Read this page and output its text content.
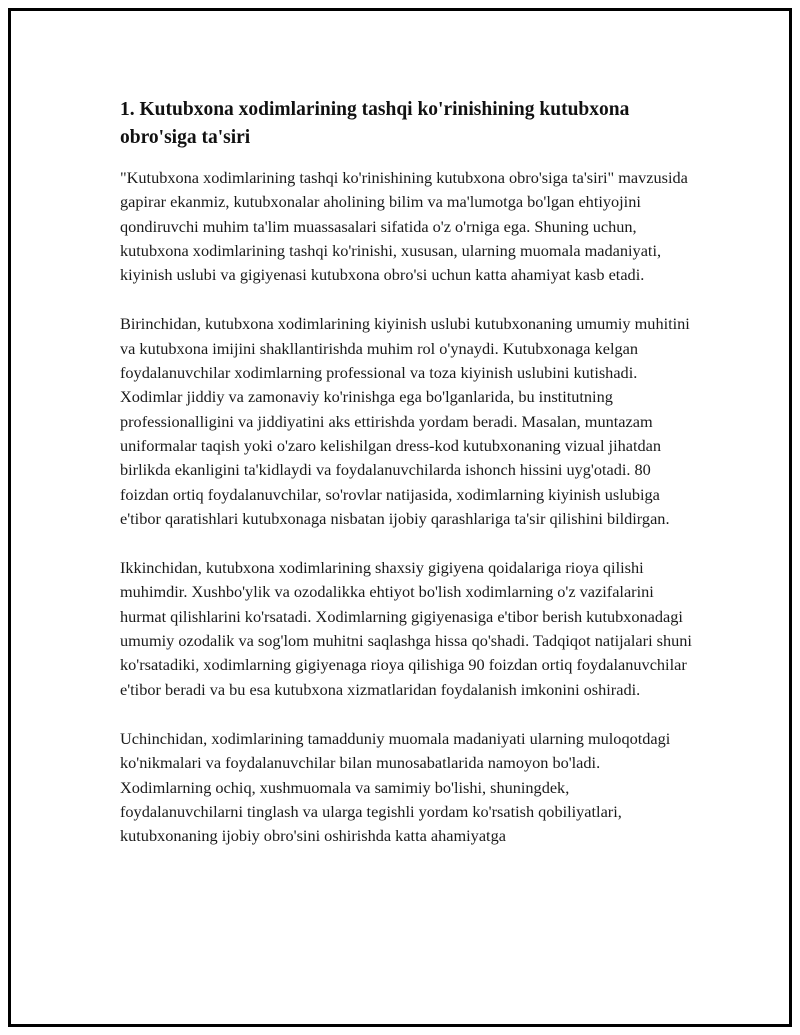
1. Kutubxona xodimlarining tashqi ko'rinishining kutubxona obro'siga ta'siri

"Kutubxona xodimlarining tashqi ko'rinishining kutubxona obro'siga ta'siri" mavzusida gapirar ekanmiz, kutubxonalar aholining bilim va ma'lumotga bo'lgan ehtiyojini qondiruvchi muhim ta'lim muassasalari sifatida o'z o'rniga ega. Shuning uchun, kutubxona xodimlarining tashqi ko'rinishi, xususan, ularning muomala madaniyati, kiyinish uslubi va gigiyenasi kutubxona obro'si uchun katta ahamiyat kasb etadi.

Birinchidan, kutubxona xodimlarining kiyinish uslubi kutubxonaning umumiy muhitini va kutubxona imijini shakllantirishda muhim rol o'ynaydi. Kutubxonaga kelgan foydalanuvchilar xodimlarning professional va toza kiyinish uslubini kutishadi. Xodimlar jiddiy va zamonaviy ko'rinishga ega bo'lganlarida, bu institutning professionalligini va jiddiyatini aks ettirishda yordam beradi. Masalan, muntazam uniformalar taqish yoki o'zaro kelishilgan dress-kod kutubxonaning vizual jihatdan birlikda ekanligini ta'kidlaydi va foydalanuvchilarda ishonch hissini uyg'otadi. 80 foizdan ortiq foydalanuvchilar, so'rovlar natijasida, xodimlarning kiyinish uslubiga e'tibor qaratishlari kutubxonaga nisbatan ijobiy qarashlariga ta'sir qilishini bildirgan.

Ikkinchidan, kutubxona xodimlarining shaxsiy gigiyena qoidalariga rioya qilishi muhimdir. Xushbo'ylik va ozodalikka ehtiyot bo'lish xodimlarning o'z vazifalarini hurmat qilishlarini ko'rsatadi. Xodimlarning gigiyenasiga e'tibor berish kutubxonadagi umumiy ozodalik va sog'lom muhitni saqlashga hissa qo'shadi. Tadqiqot natijalari shuni ko'rsatadiki, xodimlarning gigiyenaga rioya qilishiga 90 foizdan ortiq foydalanuvchilar e'tibor beradi va bu esa kutubxona xizmatlaridan foydalanish imkonini oshiradi.

Uchinchidan, xodimlarining tamadduniy muomala madaniyati ularning muloqotdagi ko'nikmalari va foydalanuvchilar bilan munosabatlarida namoyon bo'ladi. Xodimlarning ochiq, xushmuomala va samimiy bo'lishi, shuningdek, foydalanuvchilarni tinglash va ularga tegishli yordam ko'rsatish qobiliyatlari, kutubxonaning ijobiy obro'sini oshirishda katta ahamiyatga
